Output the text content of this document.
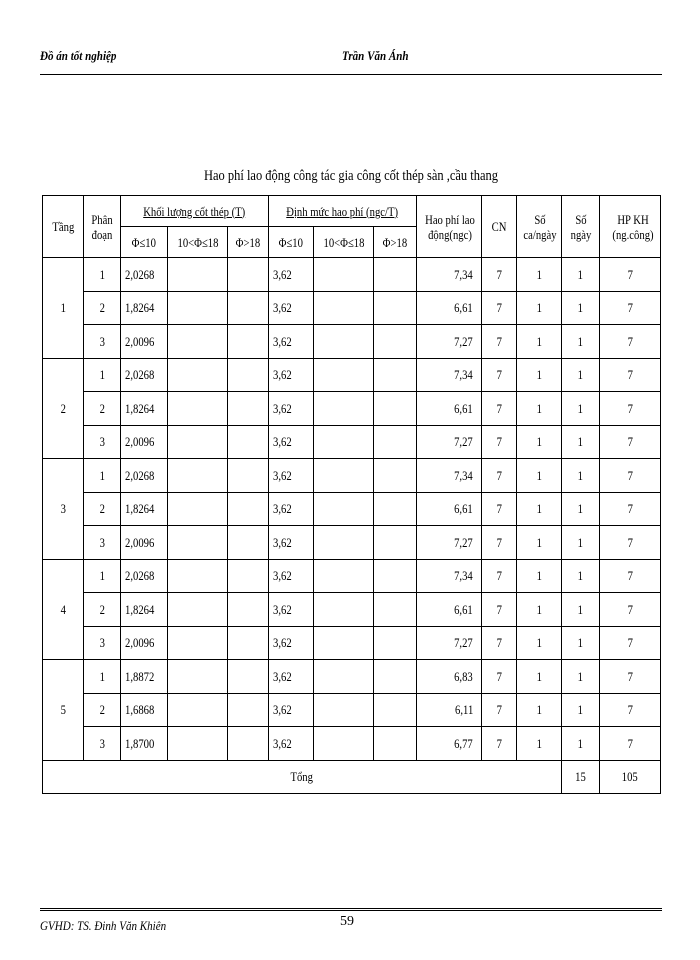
Đồ án tốt nghiệp	Trần Văn Ánh
Hao phí lao động công tác gia công cốt thép sàn ,cầu thang
Tầng	Phân đoạn	Khối lượng cốt thép (T)			Định mức hao phí (ngc/T)			Hao phí lao động(ngc)	CN	Số ca/ngày	Số ngày	HP KH (ng.công)
		Φ≤10	10<Φ≤18	Φ>18	Φ≤10	10<Φ≤18	Φ>18					
1	1	2,0268			3,62			7,34	7	1	1	7
	2	1,8264			3,62			6,61	7	1	1	7
	3	2,0096			3,62			7,27	7	1	1	7
2	1	2,0268			3,62			7,34	7	1	1	7
	2	1,8264			3,62			6,61	7	1	1	7
	3	2,0096			3,62			7,27	7	1	1	7
3	1	2,0268			3,62			7,34	7	1	1	7
	2	1,8264			3,62			6,61	7	1	1	7
	3	2,0096			3,62			7,27	7	1	1	7
4	1	2,0268			3,62			7,34	7	1	1	7
	2	1,8264			3,62			6,61	7	1	1	7
	3	2,0096			3,62			7,27	7	1	1	7
5	1	1,8872			3,62			6,83	7	1	1	7
	2	1,6868			3,62			6,11	7	1	1	7
	3	1,8700			3,62			6,77	7	1	1	7
Tổng											15	105
GVHD: TS. Đinh Văn Khiên	59
